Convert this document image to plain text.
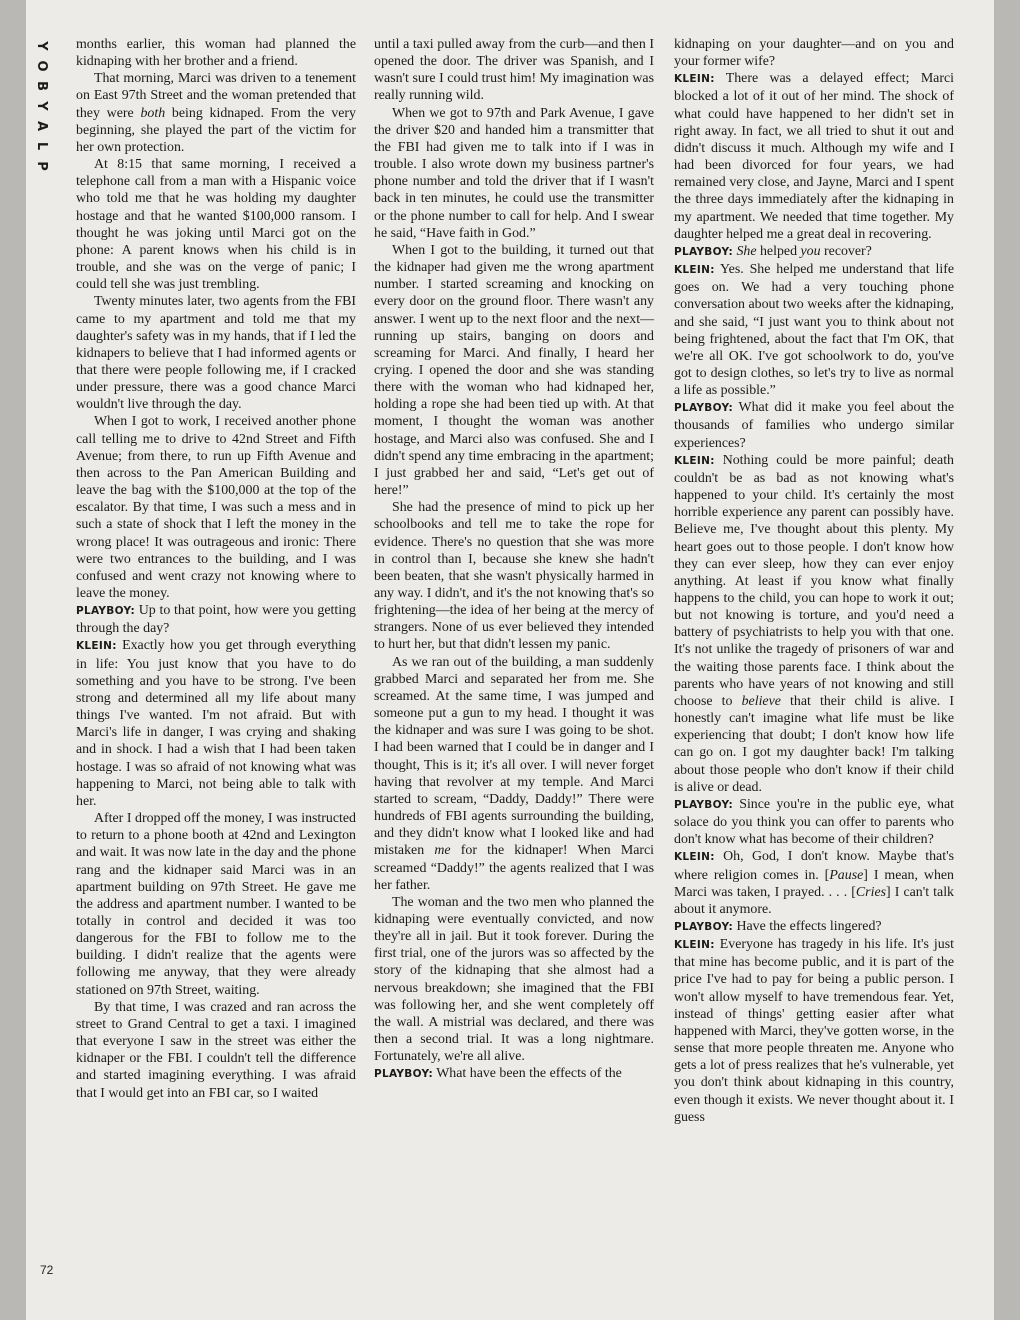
Y
O
B
Y
A
L
P

months earlier, this woman had planned the kidnaping with her brother and a friend.

That morning, Marci was driven to a tenement on East 97th Street and the woman pretended that they were both being kidnaped. From the very beginning, she played the part of the victim for her own protection.

At 8:15 that same morning, I received a telephone call from a man with a Hispanic voice who told me that he was holding my daughter hostage and that he wanted $100,000 ransom. I thought he was joking until Marci got on the phone: A parent knows when his child is in trouble, and she was on the verge of panic; I could tell she was just trembling.

Twenty minutes later, two agents from the FBI came to my apartment and told me that my daughter's safety was in my hands, that if I led the kidnapers to believe that I had informed agents or that there were people following me, if I cracked under pressure, there was a good chance Marci wouldn't live through the day.

When I got to work, I received another phone call telling me to drive to 42nd Street and Fifth Avenue; from there, to run up Fifth Avenue and then across to the Pan American Building and leave the bag with the $100,000 at the top of the escalator. By that time, I was such a mess and in such a state of shock that I left the money in the wrong place! It was outrageous and ironic: There were two entrances to the building, and I was confused and went crazy not knowing where to leave the money.

PLAYBOY: Up to that point, how were you getting through the day?

KLEIN: Exactly how you get through everything in life: You just know that you have to do something and you have to be strong. I've been strong and determined all my life about many things I've wanted. I'm not afraid. But with Marci's life in danger, I was crying and shaking and in shock. I had a wish that I had been taken hostage. I was so afraid of not knowing what was happening to Marci, not being able to talk with her.

After I dropped off the money, I was instructed to return to a phone booth at 42nd and Lexington and wait. It was now late in the day and the phone rang and the kidnaper said Marci was in an apartment building on 97th Street. He gave me the address and apartment number. I wanted to be totally in control and decided it was too dangerous for the FBI to follow me to the building. I didn't realize that the agents were following me anyway, that they were already stationed on 97th Street, waiting.

By that time, I was crazed and ran across the street to Grand Central to get a taxi. I imagined that everyone I saw in the street was either the kidnaper or the FBI. I couldn't tell the difference and started imagining everything. I was afraid that I would get into an FBI car, so I waited

until a taxi pulled away from the curb—and then I opened the door. The driver was Spanish, and I wasn't sure I could trust him! My imagination was really running wild.

When we got to 97th and Park Avenue, I gave the driver $20 and handed him a transmitter that the FBI had given me to talk into if I was in trouble. I also wrote down my business partner's phone number and told the driver that if I wasn't back in ten minutes, he could use the transmitter or the phone number to call for help. And I swear he said, “Have faith in God.”

When I got to the building, it turned out that the kidnaper had given me the wrong apartment number. I started screaming and knocking on every door on the ground floor. There wasn't any answer. I went up to the next floor and the next—running up stairs, banging on doors and screaming for Marci. And finally, I heard her crying. I opened the door and she was standing there with the woman who had kidnaped her, holding a rope she had been tied up with. At that moment, I thought the woman was another hostage, and Marci also was confused. She and I didn't spend any time embracing in the apartment; I just grabbed her and said, “Let's get out of here!”

She had the presence of mind to pick up her schoolbooks and tell me to take the rope for evidence. There's no question that she was more in control than I, because she knew she hadn't been beaten, that she wasn't physically harmed in any way. I didn't, and it's the not knowing that's so frightening—the idea of her being at the mercy of strangers. None of us ever believed they intended to hurt her, but that didn't lessen my panic.

As we ran out of the building, a man suddenly grabbed Marci and separated her from me. She screamed. At the same time, I was jumped and someone put a gun to my head. I thought it was the kidnaper and was sure I was going to be shot. I had been warned that I could be in danger and I thought, This is it; it's all over. I will never forget having that revolver at my temple. And Marci started to scream, “Daddy, Daddy!” There were hundreds of FBI agents surrounding the building, and they didn't know what I looked like and had mistaken me for the kidnaper! When Marci screamed “Daddy!” the agents realized that I was her father.

The woman and the two men who planned the kidnaping were eventually convicted, and now they're all in jail. But it took forever. During the first trial, one of the jurors was so affected by the story of the kidnaping that she almost had a nervous breakdown; she imagined that the FBI was following her, and she went completely off the wall. A mistrial was declared, and there was then a second trial. It was a long nightmare. Fortunately, we're all alive.

PLAYBOY: What have been the effects of the

kidnaping on your daughter—and on you and your former wife?

KLEIN: There was a delayed effect; Marci blocked a lot of it out of her mind. The shock of what could have happened to her didn't set in right away. In fact, we all tried to shut it out and didn't discuss it much. Although my wife and I had been divorced for four years, we had remained very close, and Jayne, Marci and I spent the three days immediately after the kidnaping in my apartment. We needed that time together. My daughter helped me a great deal in recovering.

PLAYBOY: She helped you recover?

KLEIN: Yes. She helped me understand that life goes on. We had a very touching phone conversation about two weeks after the kidnaping, and she said, “I just want you to think about not being frightened, about the fact that I'm OK, that we're all OK. I've got schoolwork to do, you've got to design clothes, so let's try to live as normal a life as possible.”

PLAYBOY: What did it make you feel about the thousands of families who undergo similar experiences?

KLEIN: Nothing could be more painful; death couldn't be as bad as not knowing what's happened to your child. It's certainly the most horrible experience any parent can possibly have. Believe me, I've thought about this plenty. My heart goes out to those people. I don't know how they can ever sleep, how they can ever enjoy anything. At least if you know what finally happens to the child, you can hope to work it out; but not knowing is torture, and you'd need a battery of psychiatrists to help you with that one. It's not unlike the tragedy of prisoners of war and the waiting those parents face. I think about the parents who have years of not knowing and still choose to believe that their child is alive. I honestly can't imagine what life must be like experiencing that doubt; I don't know how life can go on. I got my daughter back! I'm talking about those people who don't know if their child is alive or dead.

PLAYBOY: Since you're in the public eye, what solace do you think you can offer to parents who don't know what has become of their children?

KLEIN: Oh, God, I don't know. Maybe that's where religion comes in. [Pause] I mean, when Marci was taken, I prayed. . . . [Cries] I can't talk about it anymore.

PLAYBOY: Have the effects lingered?

KLEIN: Everyone has tragedy in his life. It's just that mine has become public, and it is part of the price I've had to pay for being a public person. I won't allow myself to have tremendous fear. Yet, instead of things' getting easier after what happened with Marci, they've gotten worse, in the sense that more people threaten me. Anyone who gets a lot of press realizes that he's vulnerable, yet you don't think about kidnaping in this country, even though it exists. We never thought about it. I guess

72
